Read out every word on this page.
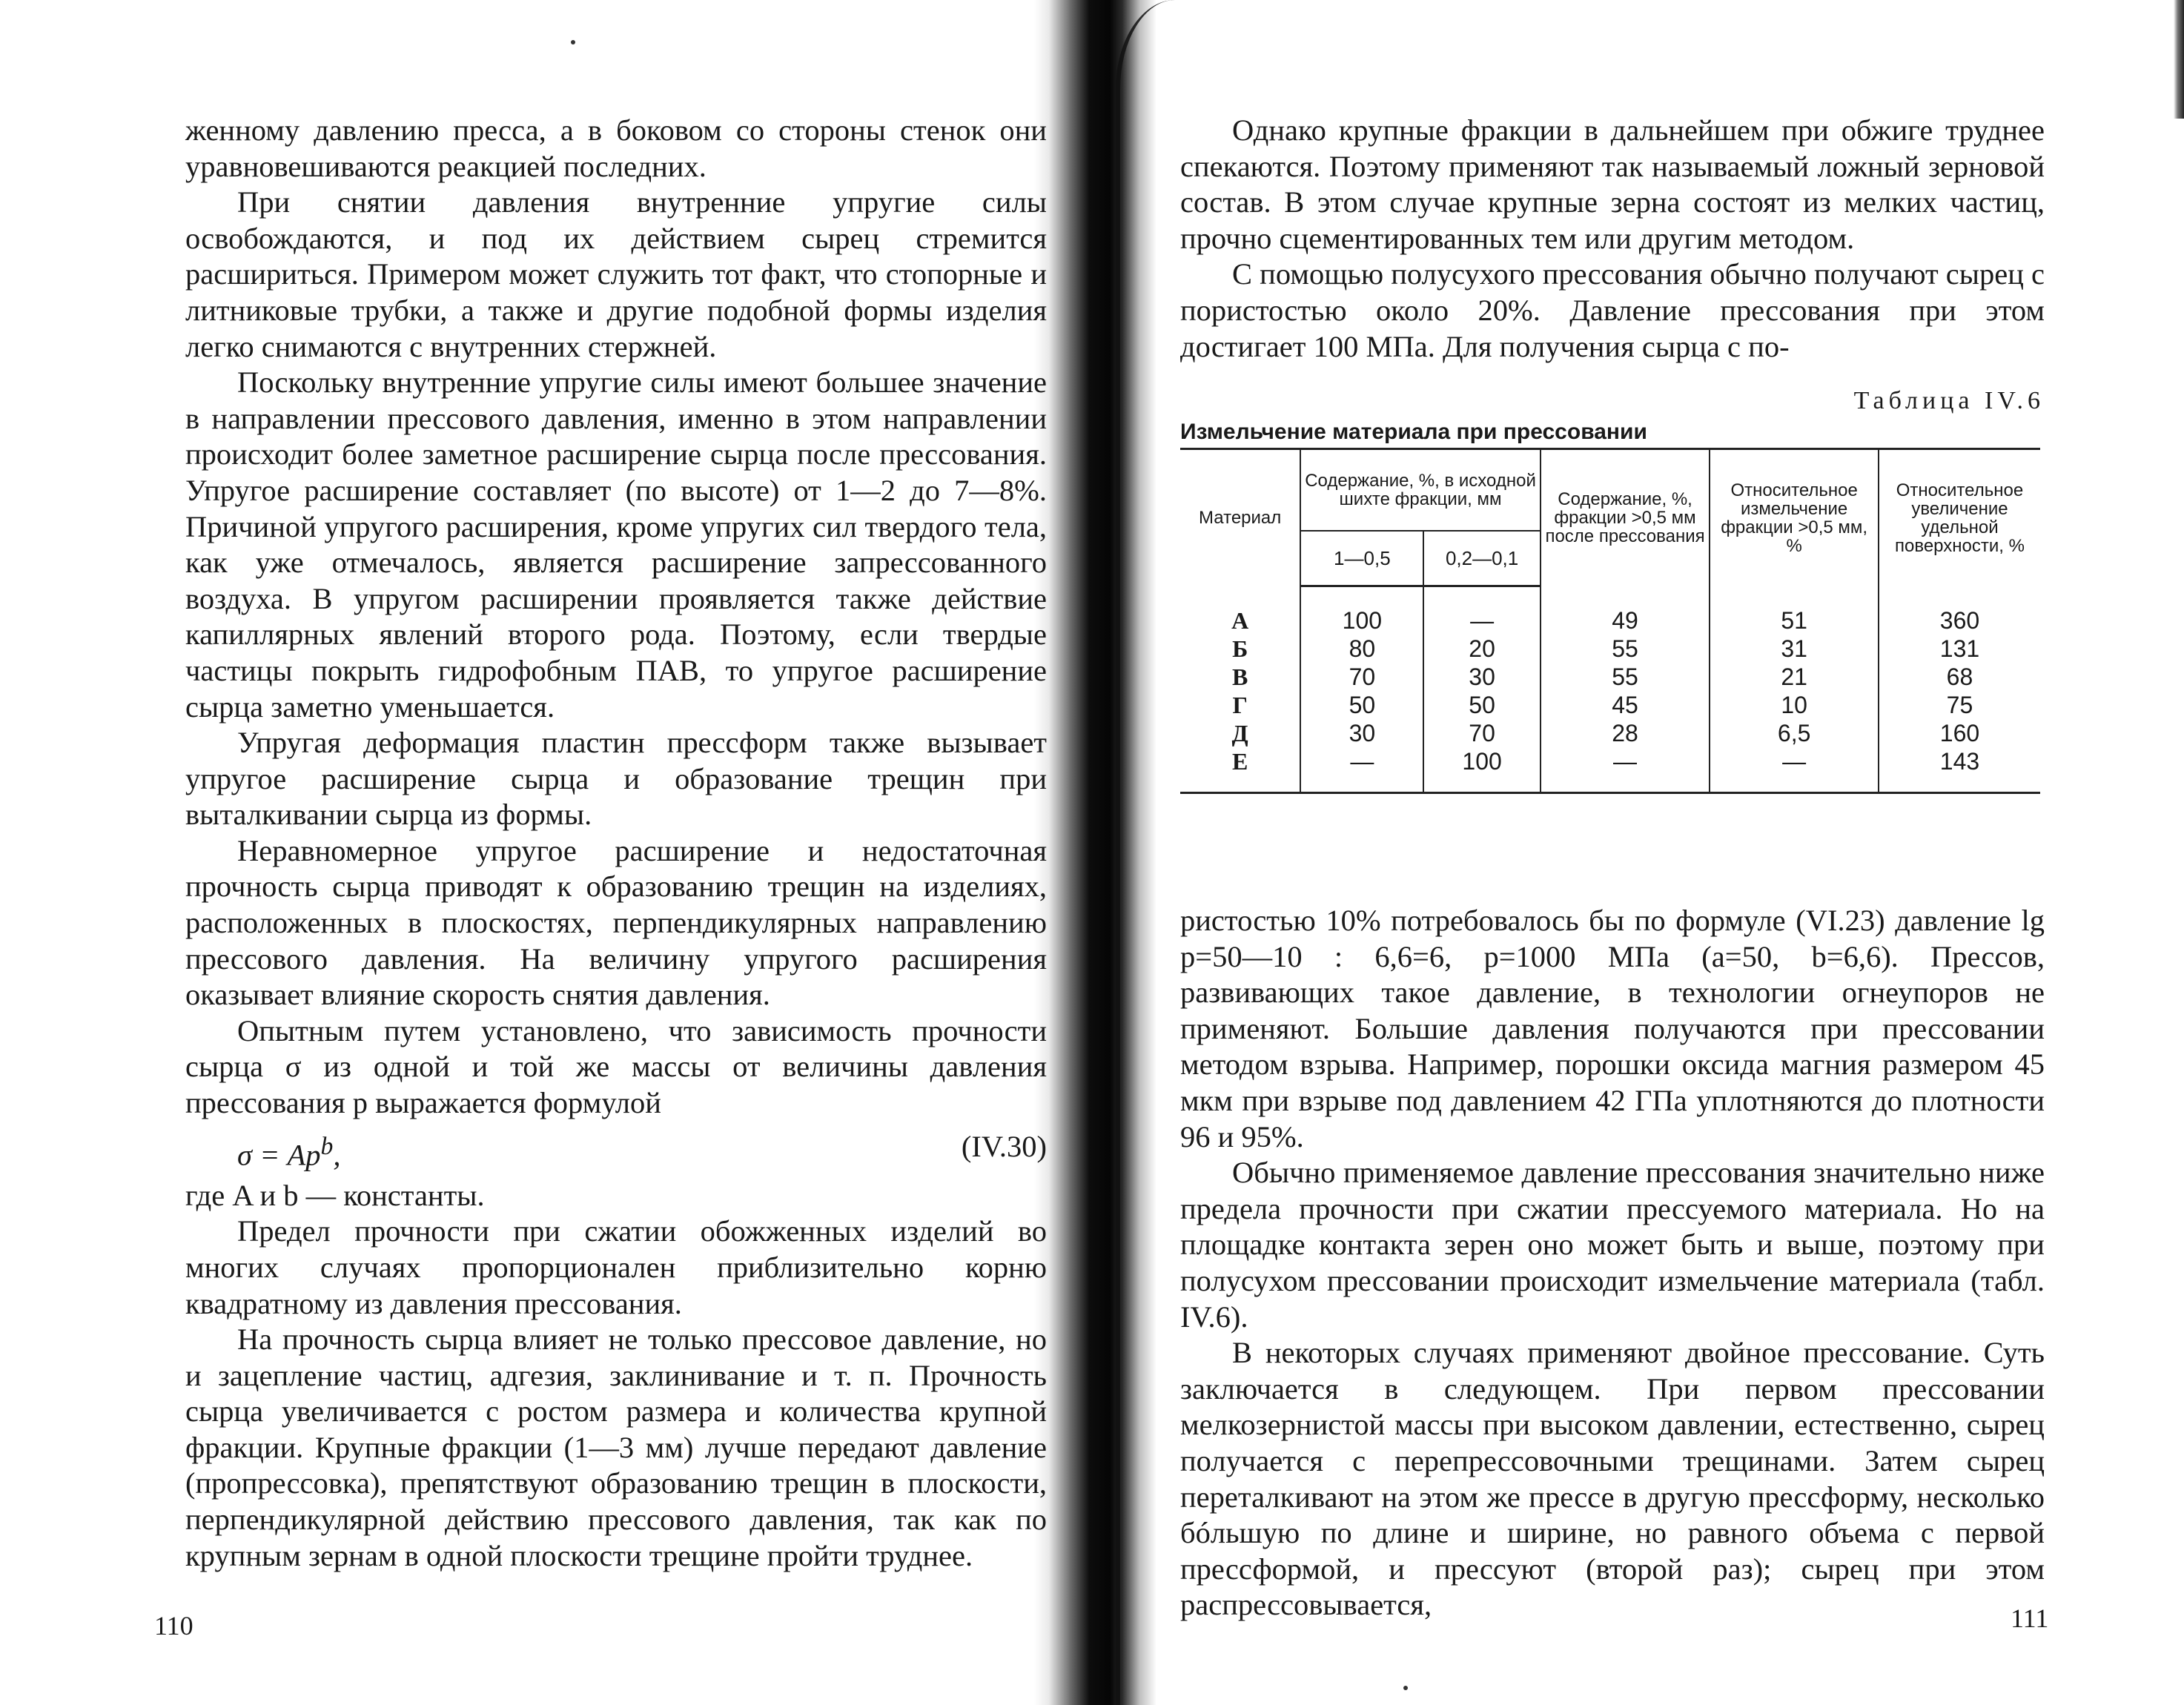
женному давлению пресса, а в боковом со стороны стенок они уравновешиваются реакцией последних.

При снятии давления внутренние упругие силы освобождаются, и под их действием сырец стремится расшириться. Примером может служить тот факт, что стопорные и литниковые трубки, а также и другие подобной формы изделия легко снимаются с внутренних стержней.

Поскольку внутренние упругие силы имеют большее значение в направлении прессового давления, именно в этом направлении происходит более заметное расширение сырца после прессования. Упругое расширение составляет (по высоте) от 1—2 до 7—8%. Причиной упругого расширения, кроме упругих сил твердого тела, как уже отмечалось, является расширение запрессованного воздуха. В упругом расширении проявляется также действие капиллярных явлений второго рода. Поэтому, если твердые частицы покрыть гидрофобным ПАВ, то упругое расширение сырца заметно уменьшается.

Упругая деформация пластин прессформ также вызывает упругое расширение сырца и образование трещин при выталкивании сырца из формы.

Неравномерное упругое расширение и недостаточная прочность сырца приводят к образованию трещин на изделиях, расположенных в плоскостях, перпендикулярных направлению прессового давления. На величину упругого расширения оказывает влияние скорость снятия давления.

Опытным путем установлено, что зависимость прочности сырца σ из одной и той же массы от величины давления прессования p выражается формулой

$\sigma = Ap^b$,	(IV.30)

где A и b — константы.

Предел прочности при сжатии обожженных изделий во многих случаях пропорционален приблизительно корню квадратному из давления прессования.

На прочность сырца влияет не только прессовое давление, но и зацепление частиц, адгезия, заклинивание и т. п. Прочность сырца увеличивается с ростом размера и количества крупной фракции. Крупные фракции (1—3 мм) лучше передают давление (пропрессовка), препятствуют образованию трещин в плоскости, перпендикулярной действию прессового давления, так как по крупным зернам в одной плоскости трещине пройти труднее.

110

Однако крупные фракции в дальнейшем при обжиге труднее спекаются. Поэтому применяют так называемый ложный зерновой состав. В этом случае крупные зерна состоят из мелких частиц, прочно сцементированных тем или другим методом.

С помощью полусухого прессования обычно получают сырец с пористостью около 20%. Давление прессования при этом достигает 100 МПа. Для получения сырца с по-

Таблица IV.6
Измельчение материала при прессовании
Материал	Содержание, %, в исходной шихте фракции, мм		Содержание, %, фракции >0,5 мм после прессования	Относительное измельчение фракции >0,5 мм, %	Относительное увеличение удельной поверхности, %
	1—0,5	0,2—0,1			

А	100	—	49	51	360
Б	80	20	55	31	131
В	70	30	55	21	68
Г	50	50	45	10	75
Д	30	70	28	6,5	160
Е	—	100	—	—	143

ристостью 10% потребовалось бы по формуле (VI.23) давление lg p=50—10 : 6,6=6, p=1000 МПа (a=50, b=6,6). Прессов, развивающих такое давление, в технологии огнеупоров не применяют. Большие давления получаются при прессовании методом взрыва. Например, порошки оксида магния размером 45 мкм при взрыве под давлением 42 ГПа уплотняются до плотности 96 и 95%.

Обычно применяемое давление прессования значительно ниже предела прочности при сжатии прессуемого материала. Но на площадке контакта зерен оно может быть и выше, поэтому при полусухом прессовании происходит измельчение материала (табл. IV.6).

В некоторых случаях применяют двойное прессование. Суть заключается в следующем. При первом прессовании мелкозернистой массы при высоком давлении, естественно, сырец получается с перепрессовочными трещинами. Затем сырец переталкивают на этом же прессе в другую прессформу, несколько бóльшую по длине и ширине, но равного объема с первой прессформой, и прессуют (второй раз); сырец при этом распрессовывается,	111
